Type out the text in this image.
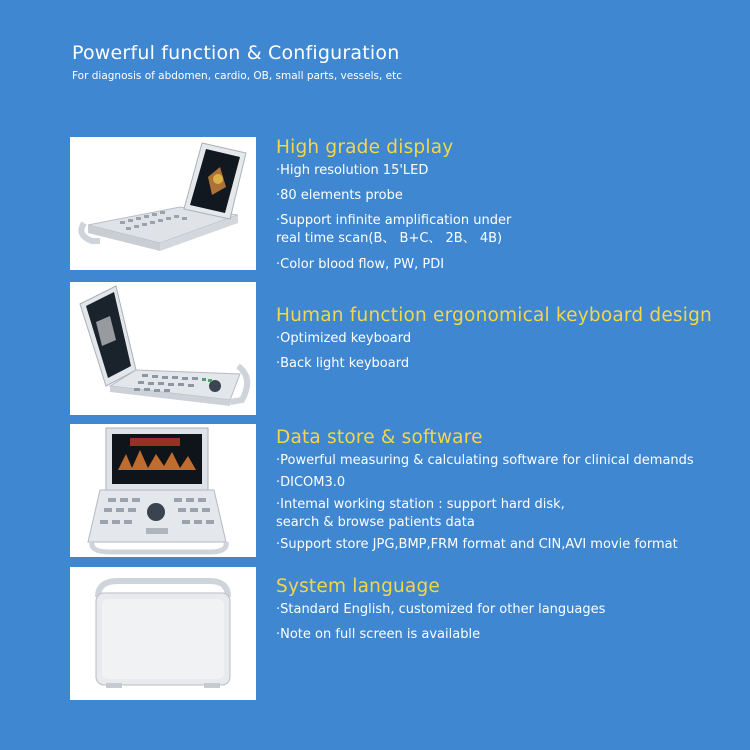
Powerful function & Configuration

For diagnosis of abdomen, cardio, OB, small parts, vessels, etc

High grade display
·High resolution 15'LED
·80 elements probe
·Support infinite amplification under
real time scan(B、 B+C、 2B、 4B)
·Color blood flow, PW, PDI
Human function ergonomical keyboard design
·Optimized keyboard
·Back light keyboard
Data store & software
·Powerful measuring & calculating software for clinical demands
·DICOM3.0
·Intemal working station : support hard disk,
search & browse patients data
·Support store JPG,BMP,FRM format and CIN,AVI movie format
System language
·Standard English, customized for other languages
·Note on full screen is available
